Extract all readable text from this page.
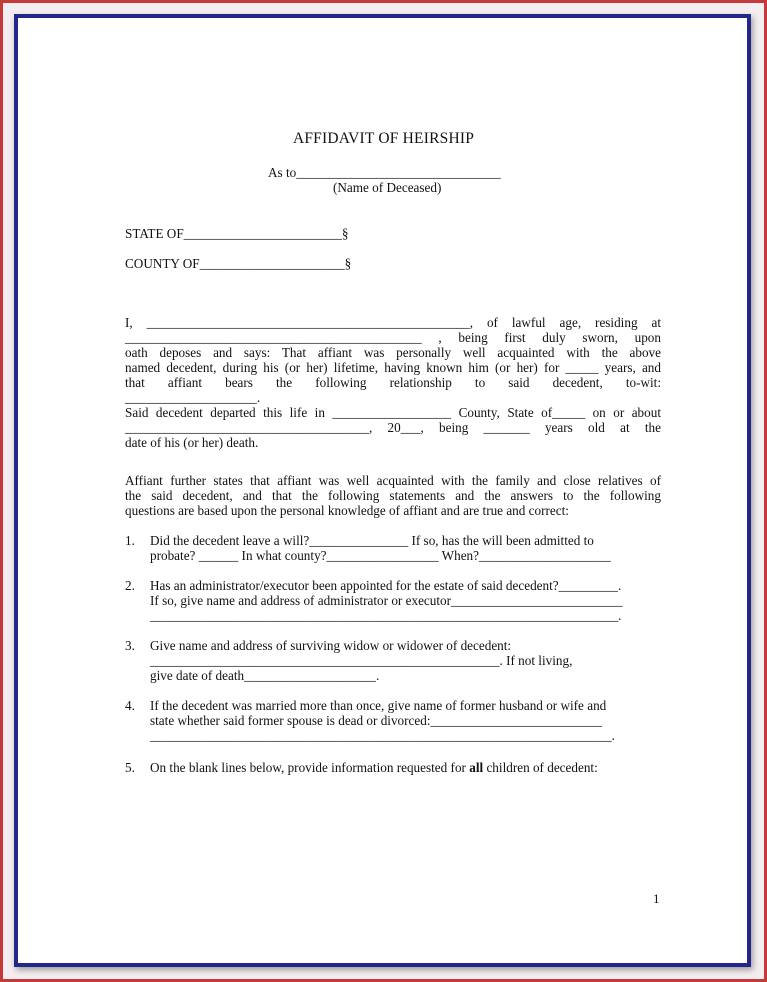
AFFIDAVIT OF HEIRSHIP
As to_______________________________
(Name of Deceased)
STATE OF________________________§
COUNTY OF______________________§
I, _________________________________________________, of lawful age, residing at
_____________________________________________ , being first duly sworn, upon
oath deposes and says: That affiant was personally well acquainted with the above
named decedent, during his (or her) lifetime, having known him (or her) for _____ years, and
that affiant bears the following relationship to said decedent, to-wit:
____________________.
Said decedent departed this life in __________________ County, State of_____ on or about
_____________________________________, 20___, being _______ years old at the
date of his (or her) death.
Affiant further states that affiant was well acquainted with the family and close relatives of
the said decedent, and that the following statements and the answers to the following
questions are based upon the personal knowledge of affiant and are true and correct:
1. Did the decedent leave a will?_______________ If so, has the will been admitted to
probate? ______ In what county?_________________ When?____________________
2. Has an administrator/executor been appointed for the estate of said decedent?_________.
If so, give name and address of administrator or executor__________________________
_______________________________________________________________________.
3. Give name and address of surviving widow or widower of decedent:
_____________________________________________________. If not living,
give date of death____________________.
4. If the decedent was married more than once, give name of former husband or wife and
state whether said former spouse is dead or divorced:__________________________
______________________________________________________________________.
5. On the blank lines below, provide information requested for all children of decedent:
1
